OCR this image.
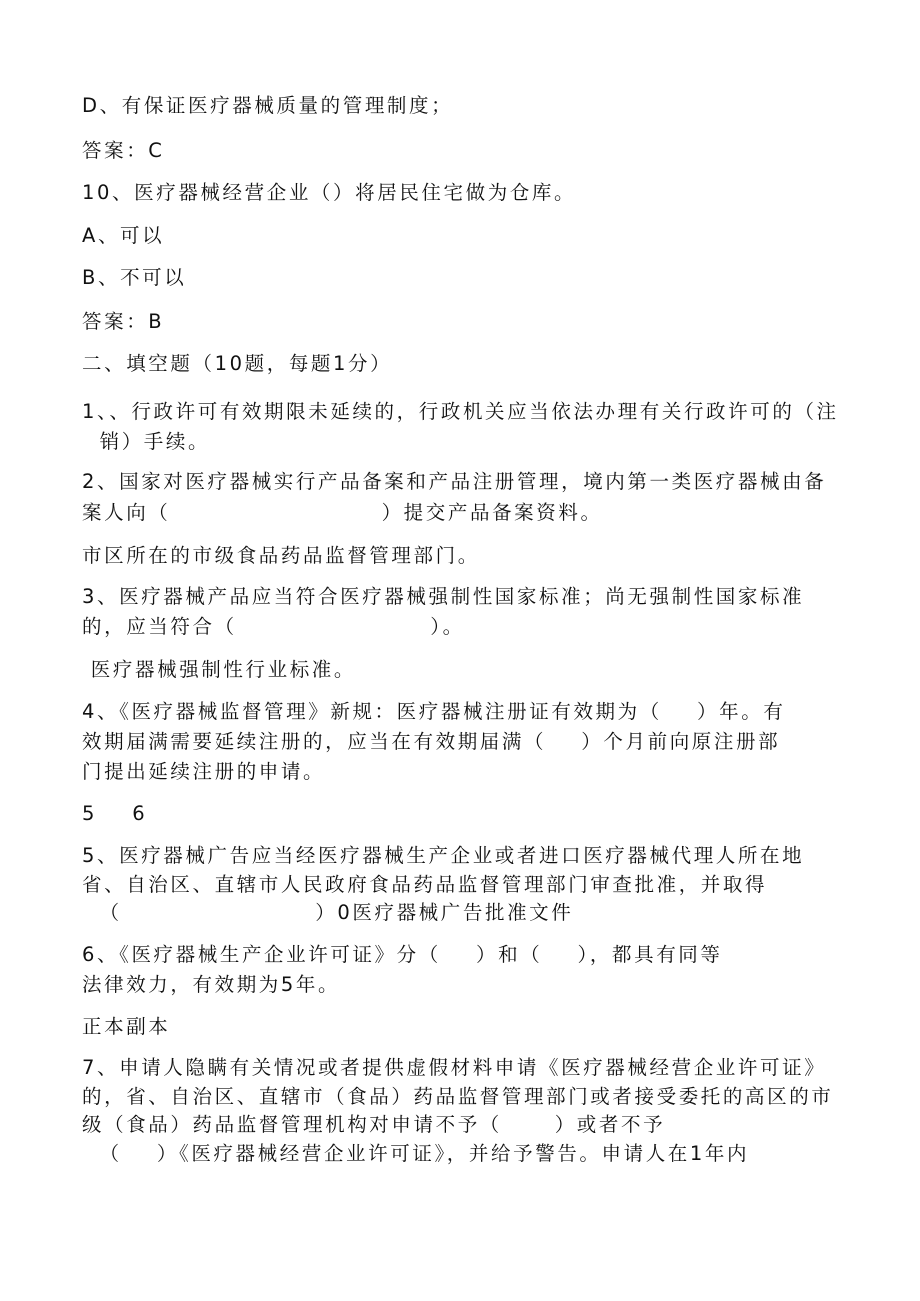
D、有保证医疗器械质量的管理制度；
答案：C
10、医疗器械经营企业（）将居民住宅做为仓库。
A、可以
B、不可以
答案：B
二、填空题（10题，每题1分）
1、、行政许可有效期限未延续的，行政机关应当依法办理有关行政许可的（注
销）手续。
2、国家对医疗器械实行产品备案和产品注册管理，境内第一类医疗器械由备
案人向（                        ）提交产品备案资料。
市区所在的市级食品药品监督管理部门。
3、医疗器械产品应当符合医疗器械强制性国家标准；尚无强制性国家标准
的，应当符合（                      ）。
医疗器械强制性行业标准。
4、《医疗器械监督管理》新规：医疗器械注册证有效期为（    ）年。有
效期届满需要延续注册的，应当在有效期届满（    ）个月前向原注册部
门提出延续注册的申请。
5    6
5、医疗器械广告应当经医疗器械生产企业或者进口医疗器械代理人所在地
省、自治区、直辖市人民政府食品药品监督管理部门审查批准，并取得
（                      ）0医疗器械广告批准文件
6、《医疗器械生产企业许可证》分（    ）和（    ），都具有同等
法律效力，有效期为5年。
正本副本
7、申请人隐瞒有关情况或者提供虚假材料申请《医疗器械经营企业许可证》
的，省、自治区、直辖市（食品）药品监督管理部门或者接受委托的高区的市
级（食品）药品监督管理机构对申请不予（      ）或者不予
（    ）《医疗器械经营企业许可证》，并给予警告。申请人在1年内
